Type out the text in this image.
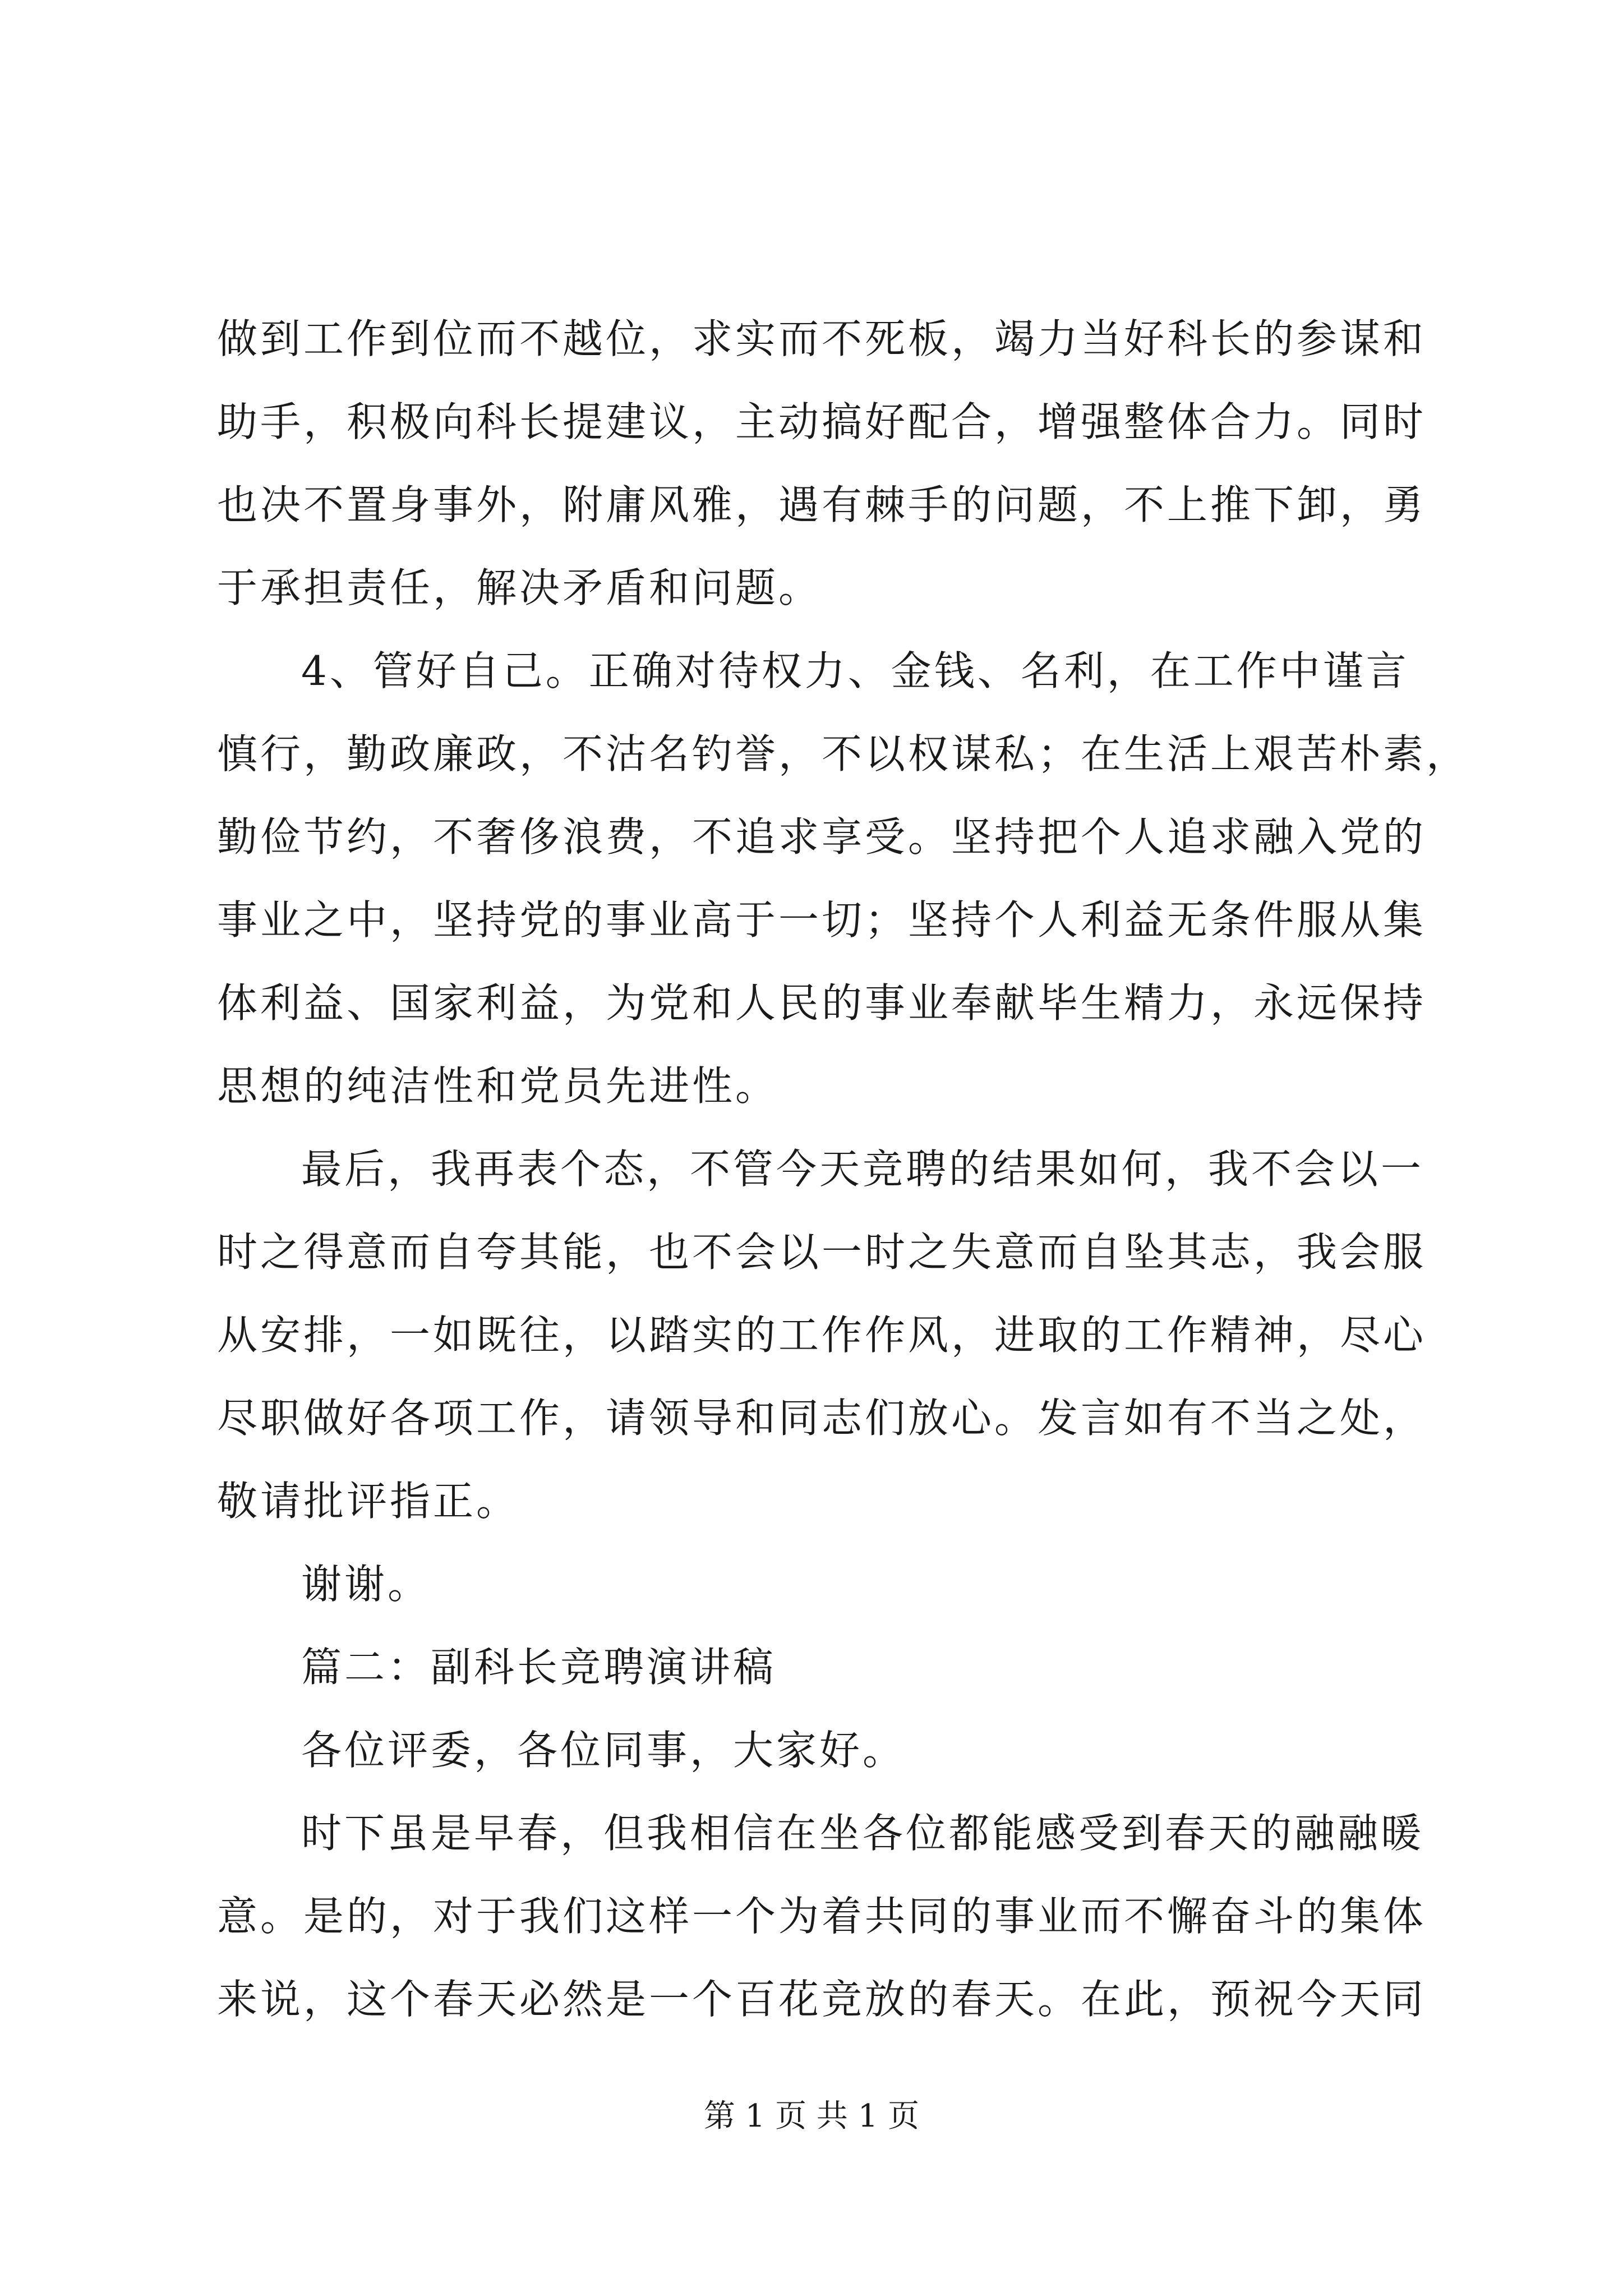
做到工作到位而不越位，求实而不死板，竭力当好科长的参谋和
助手，积极向科长提建议，主动搞好配合，增强整体合力。同时
也决不置身事外，附庸风雅，遇有棘手的问题，不上推下卸，勇
于承担责任，解决矛盾和问题。
4、管好自己。正确对待权力、金钱、名利，在工作中谨言
慎行，勤政廉政，不沽名钓誉，不以权谋私；在生活上艰苦朴素，
勤俭节约，不奢侈浪费，不追求享受。坚持把个人追求融入党的
事业之中，坚持党的事业高于一切；坚持个人利益无条件服从集
体利益、国家利益，为党和人民的事业奉献毕生精力，永远保持
思想的纯洁性和党员先进性。
最后，我再表个态，不管今天竞聘的结果如何，我不会以一
时之得意而自夸其能，也不会以一时之失意而自坠其志，我会服
从安排，一如既往，以踏实的工作作风，进取的工作精神，尽心
尽职做好各项工作，请领导和同志们放心。发言如有不当之处，
敬请批评指正。
谢谢。
篇二：副科长竞聘演讲稿
各位评委，各位同事，大家好。
时下虽是早春，但我相信在坐各位都能感受到春天的融融暖
意。是的，对于我们这样一个为着共同的事业而不懈奋斗的集体
来说，这个春天必然是一个百花竞放的春天。在此，预祝今天同
第 1 页 共 1 页
